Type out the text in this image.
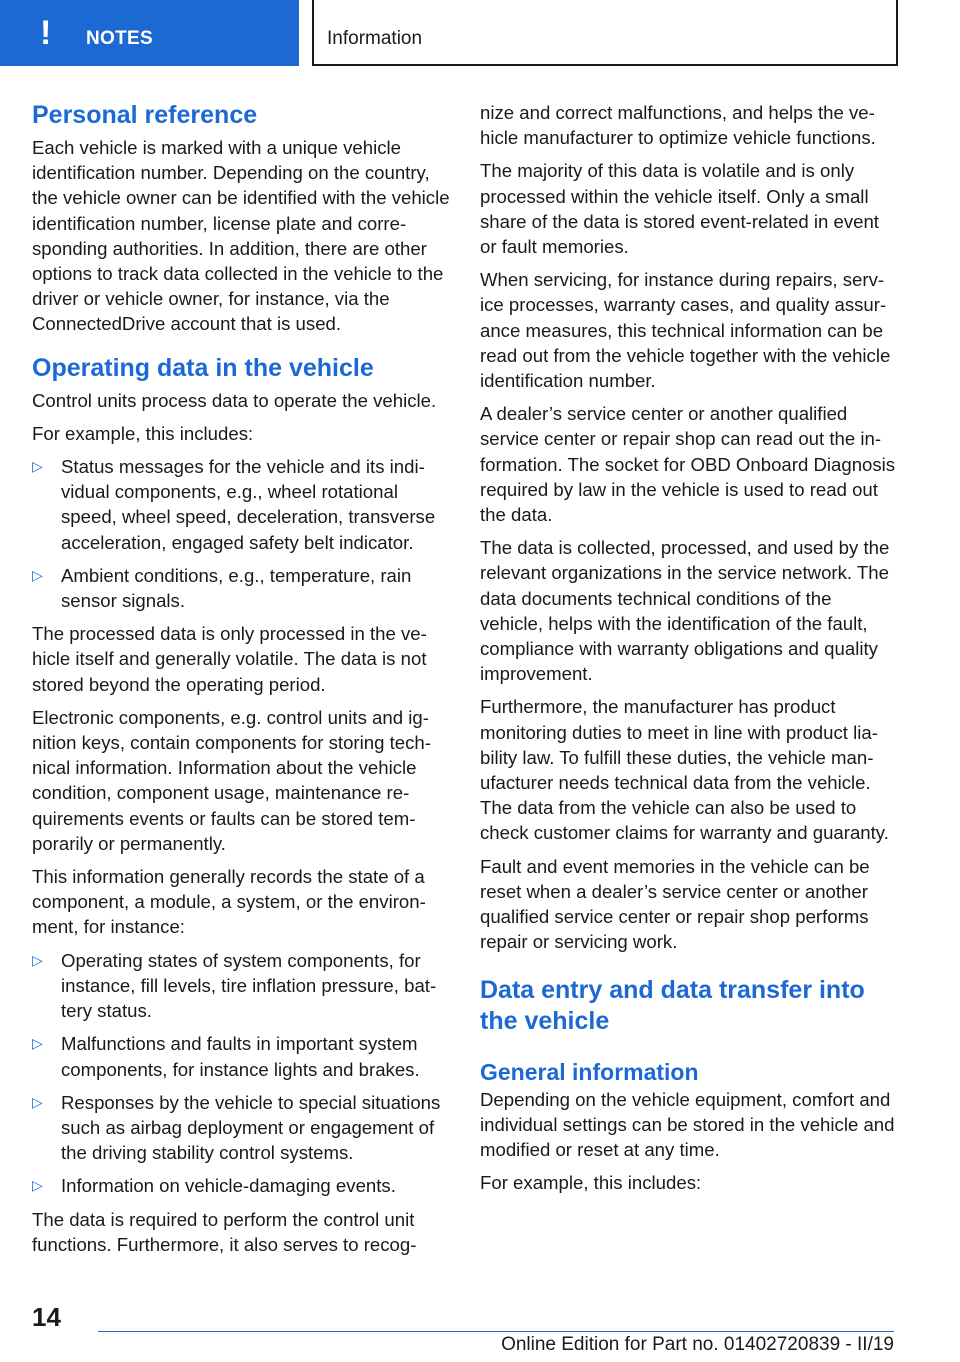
! NOTES	Information
Personal reference

Each vehicle is marked with a unique vehicle identification number. Depending on the country, the vehicle owner can be identified with the vehicle identification number, license plate and corresponding authorities. In addition, there are other options to track data collected in the vehicle to the driver or vehicle owner, for instance, via the ConnectedDrive account that is used.

Operating data in the vehicle

Control units process data to operate the vehicle.

For example, this includes:

▷ Status messages for the vehicle and its individual components, e.g., wheel rotational speed, wheel speed, deceleration, transverse acceleration, engaged safety belt indicator.
▷ Ambient conditions, e.g., temperature, rain sensor signals.

The processed data is only processed in the vehicle itself and generally volatile. The data is not stored beyond the operating period.

Electronic components, e.g. control units and ignition keys, contain components for storing technical information. Information about the vehicle condition, component usage, maintenance requirements events or faults can be stored temporarily or permanently.

This information generally records the state of a component, a module, a system, or the environment, for instance:

▷ Operating states of system components, for instance, fill levels, tire inflation pressure, battery status.
▷ Malfunctions and faults in important system components, for instance lights and brakes.
▷ Responses by the vehicle to special situations such as airbag deployment or engagement of the driving stability control systems.
▷ Information on vehicle-damaging events.

The data is required to perform the control unit functions. Furthermore, it also serves to recog-

nize and correct malfunctions, and helps the vehicle manufacturer to optimize vehicle functions.

The majority of this data is volatile and is only processed within the vehicle itself. Only a small share of the data is stored event-related in event or fault memories.

When servicing, for instance during repairs, service processes, warranty cases, and quality assurance measures, this technical information can be read out from the vehicle together with the vehicle identification number.

A dealer’s service center or another qualified service center or repair shop can read out the information. The socket for OBD Onboard Diagnosis required by law in the vehicle is used to read out the data.

The data is collected, processed, and used by the relevant organizations in the service network. The data documents technical conditions of the vehicle, helps with the identification of the fault, compliance with warranty obligations and quality improvement.

Furthermore, the manufacturer has product monitoring duties to meet in line with product liability law. To fulfill these duties, the vehicle manufacturer needs technical data from the vehicle. The data from the vehicle can also be used to check customer claims for warranty and guaranty.

Fault and event memories in the vehicle can be reset when a dealer’s service center or another qualified service center or repair shop performs repair or servicing work.

Data entry and data transfer into the vehicle
General information

Depending on the vehicle equipment, comfort and individual settings can be stored in the vehicle and modified or reset at any time.

For example, this includes:

14
Online Edition for Part no. 01402720839 - II/19
